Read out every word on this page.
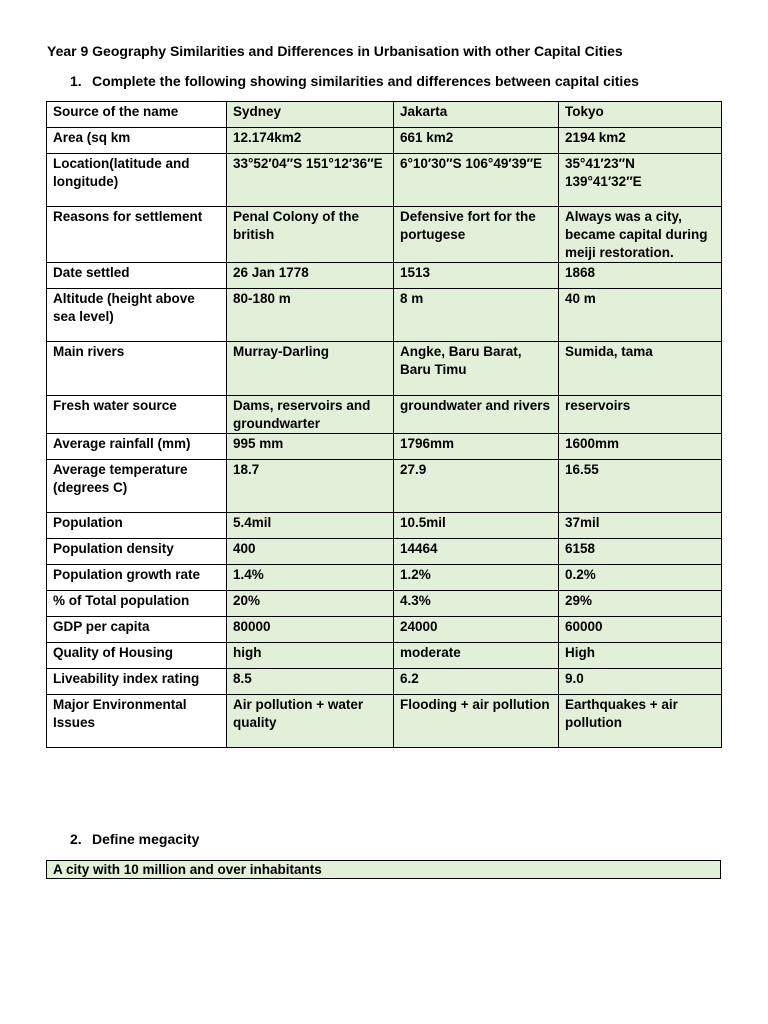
Year 9 Geography Similarities and Differences in Urbanisation with other Capital Cities

1. Complete the following showing similarities and differences between capital cities

Source of the name	Sydney	Jakarta	Tokyo
Area (sq km	12.174km2	661 km2	2194 km2
Location(latitude and longitude)	33°52′04″S 151°12′36″E	6°10′30″S 106°49′39″E	35°41′23″N 139°41′32″E
Reasons for settlement	Penal Colony of the british	Defensive fort for the portugese	Always was a city, became capital during meiji restoration.
Date settled	26 Jan 1778	1513	1868
Altitude (height above sea level)	80-180 m	8 m	40 m
Main rivers	Murray-Darling	Angke, Baru Barat, Baru Timu	Sumida, tama
Fresh water source	Dams, reservoirs and groundwarter	groundwater and rivers	reservoirs
Average rainfall (mm)	995 mm	1796mm	1600mm
Average temperature (degrees C)	18.7	27.9	16.55
Population	5.4mil	10.5mil	37mil
Population density	400	14464	6158
Population growth rate	1.4%	1.2%	0.2%
% of Total population	20%	4.3%	29%
GDP per capita	80000	24000	60000
Quality of Housing	high	moderate	High
Liveability index rating	8.5	6.2	9.0
Major Environmental Issues	Air pollution + water quality	Flooding + air pollution	Earthquakes + air pollution

2. Define megacity

A city with 10 million and over inhabitants
